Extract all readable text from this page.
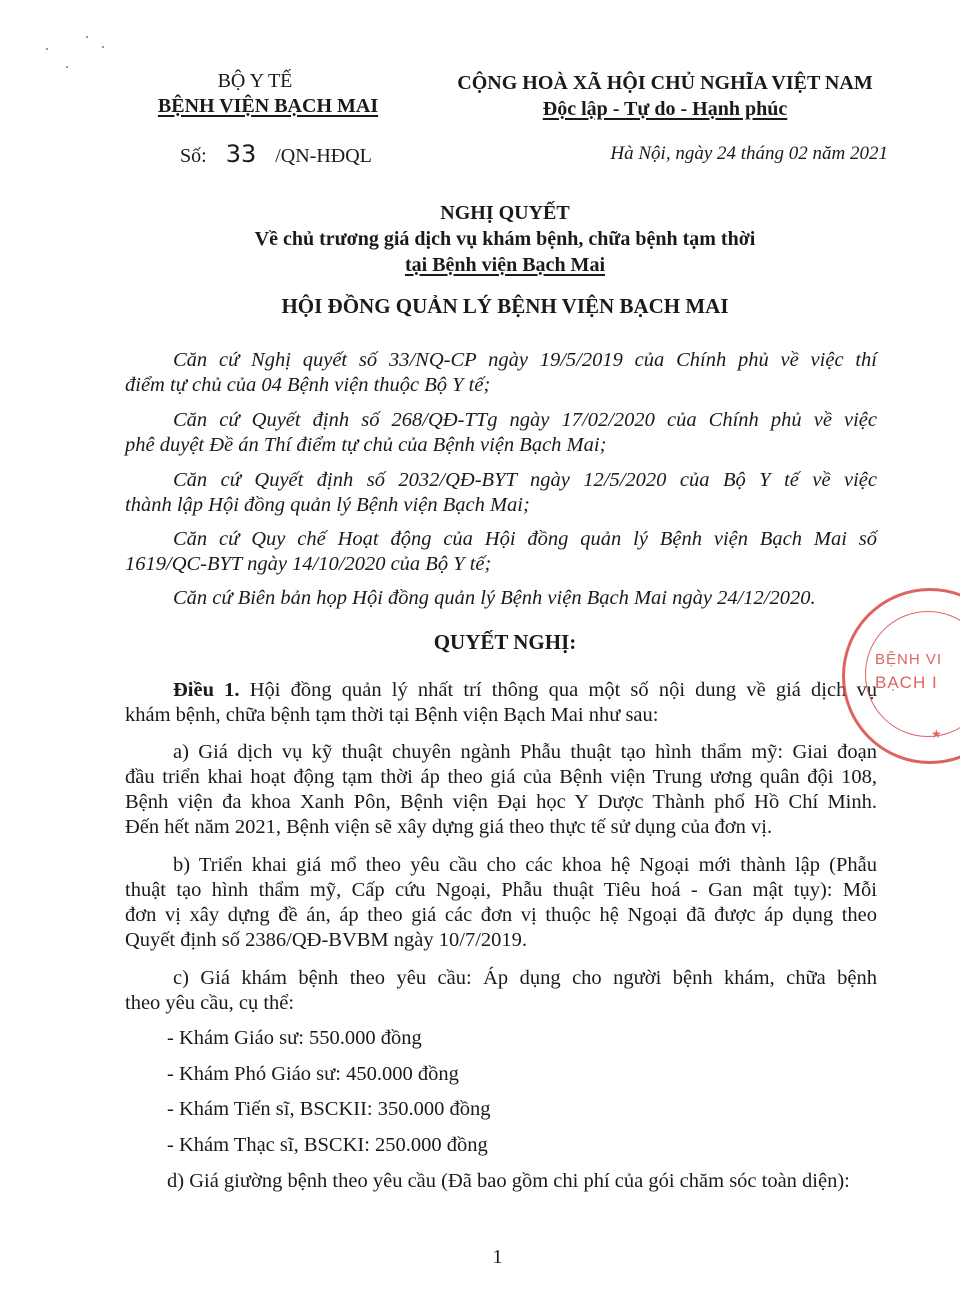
BỘ Y TẾ
BỆNH VIỆN BẠCH MAI
Số: 33 /QN-HĐQL
CỘNG HOÀ XÃ HỘI CHỦ NGHĨA VIỆT NAM
Độc lập - Tự do - Hạnh phúc
Hà Nội, ngày 24 tháng 02 năm 2021
NGHỊ QUYẾT
Về chủ trương giá dịch vụ khám bệnh, chữa bệnh tạm thời
tại Bệnh viện Bạch Mai
HỘI ĐỒNG QUẢN LÝ BỆNH VIỆN BẠCH MAI
Căn cứ Nghị quyết số 33/NQ-CP ngày 19/5/2019 của Chính phủ về việc thí
điểm tự chủ của 04 Bệnh viện thuộc Bộ Y tế;
Căn cứ Quyết định số 268/QĐ-TTg ngày 17/02/2020 của Chính phủ về việc
phê duyệt Đề án Thí điểm tự chủ của Bệnh viện Bạch Mai;
Căn cứ Quyết định số 2032/QĐ-BYT ngày 12/5/2020 của Bộ Y tế về việc
thành lập Hội đồng quản lý Bệnh viện Bạch Mai;
Căn cứ Quy chế Hoạt động của Hội đồng quản lý Bệnh viện Bạch Mai số
1619/QC-BYT ngày 14/10/2020 của Bộ Y tế;
Căn cứ Biên bản họp Hội đồng quản lý Bệnh viện Bạch Mai ngày 24/12/2020.
QUYẾT NGHỊ:
Điều 1. Hội đồng quản lý nhất trí thông qua một số nội dung về giá dịch vụ
khám bệnh, chữa bệnh tạm thời tại Bệnh viện Bạch Mai như sau:
a) Giá dịch vụ kỹ thuật chuyên ngành Phẫu thuật tạo hình thẩm mỹ: Giai đoạn
đầu triển khai hoạt động tạm thời áp theo giá của Bệnh viện Trung ương quân đội 108,
Bệnh viện đa khoa Xanh Pôn, Bệnh viện Đại học Y Dược Thành phố Hồ Chí Minh.
Đến hết năm 2021, Bệnh viện sẽ xây dựng giá theo thực tế sử dụng của đơn vị.
b) Triển khai giá mổ theo yêu cầu cho các khoa hệ Ngoại mới thành lập (Phẫu
thuật tạo hình thẩm mỹ, Cấp cứu Ngoại, Phẫu thuật Tiêu hoá - Gan mật tụy): Mỗi
đơn vị xây dựng đề án, áp theo giá các đơn vị thuộc hệ Ngoại đã được áp dụng theo
Quyết định số 2386/QĐ-BVBM ngày 10/7/2019.
c) Giá khám bệnh theo yêu cầu: Áp dụng cho người bệnh khám, chữa bệnh
theo yêu cầu, cụ thể:
- Khám Giáo sư: 550.000 đồng
- Khám Phó Giáo sư: 450.000 đồng
- Khám Tiến sĩ, BSCKII: 350.000 đồng
- Khám Thạc sĩ, BSCKI: 250.000 đồng
d) Giá giường bệnh theo yêu cầu (Đã bao gồm chi phí của gói chăm sóc toàn diện):
1
BỆNH VI
BẠCH I
★
